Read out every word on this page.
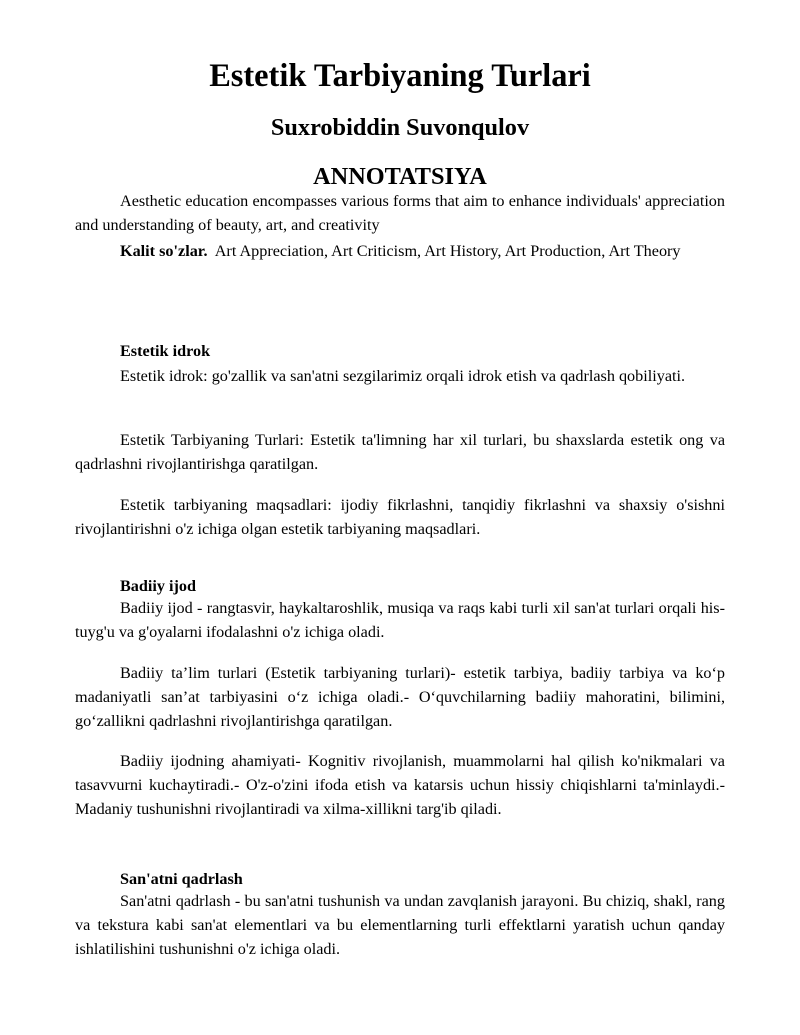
Estetik Tarbiyaning Turlari
Suxrobiddin Suvonqulov
ANNOTATSIYA

Aesthetic education encompasses various forms that aim to enhance individuals' appreciation and understanding of beauty, art, and creativity

Kalit so'zlar. Art Appreciation, Art Criticism, Art History, Art Production, Art Theory

Estetik idrok

Estetik idrok: go'zallik va san'atni sezgilarimiz orqali idrok etish va qadrlash qobiliyati.

Estetik Tarbiyaning Turlari: Estetik ta'limning har xil turlari, bu shaxslarda estetik ong va qadrlashni rivojlantirishga qaratilgan.

Estetik tarbiyaning maqsadlari: ijodiy fikrlashni, tanqidiy fikrlashni va shaxsiy o'sishni rivojlantirishni o'z ichiga olgan estetik tarbiyaning maqsadlari.

Badiiy ijod

Badiiy ijod - rangtasvir, haykaltaroshlik, musiqa va raqs kabi turli xil san'at turlari orqali his-tuyg'u va g'oyalarni ifodalashni o'z ichiga oladi.

Badiiy ta’lim turlari (Estetik tarbiyaning turlari)- estetik tarbiya, badiiy tarbiya va ko‘p madaniyatli san’at tarbiyasini o‘z ichiga oladi.- O‘quvchilarning badiiy mahoratini, bilimini, go‘zallikni qadrlashni rivojlantirishga qaratilgan.

Badiiy ijodning ahamiyati- Kognitiv rivojlanish, muammolarni hal qilish ko'nikmalari va tasavvurni kuchaytiradi.- O'z-o'zini ifoda etish va katarsis uchun hissiy chiqishlarni ta'minlaydi.- Madaniy tushunishni rivojlantiradi va xilma-xillikni targ'ib qiladi.

San'atni qadrlash

San'atni qadrlash - bu san'atni tushunish va undan zavqlanish jarayoni. Bu chiziq, shakl, rang va tekstura kabi san'at elementlari va bu elementlarning turli effektlarni yaratish uchun qanday ishlatilishini tushunishni o'z ichiga oladi.
